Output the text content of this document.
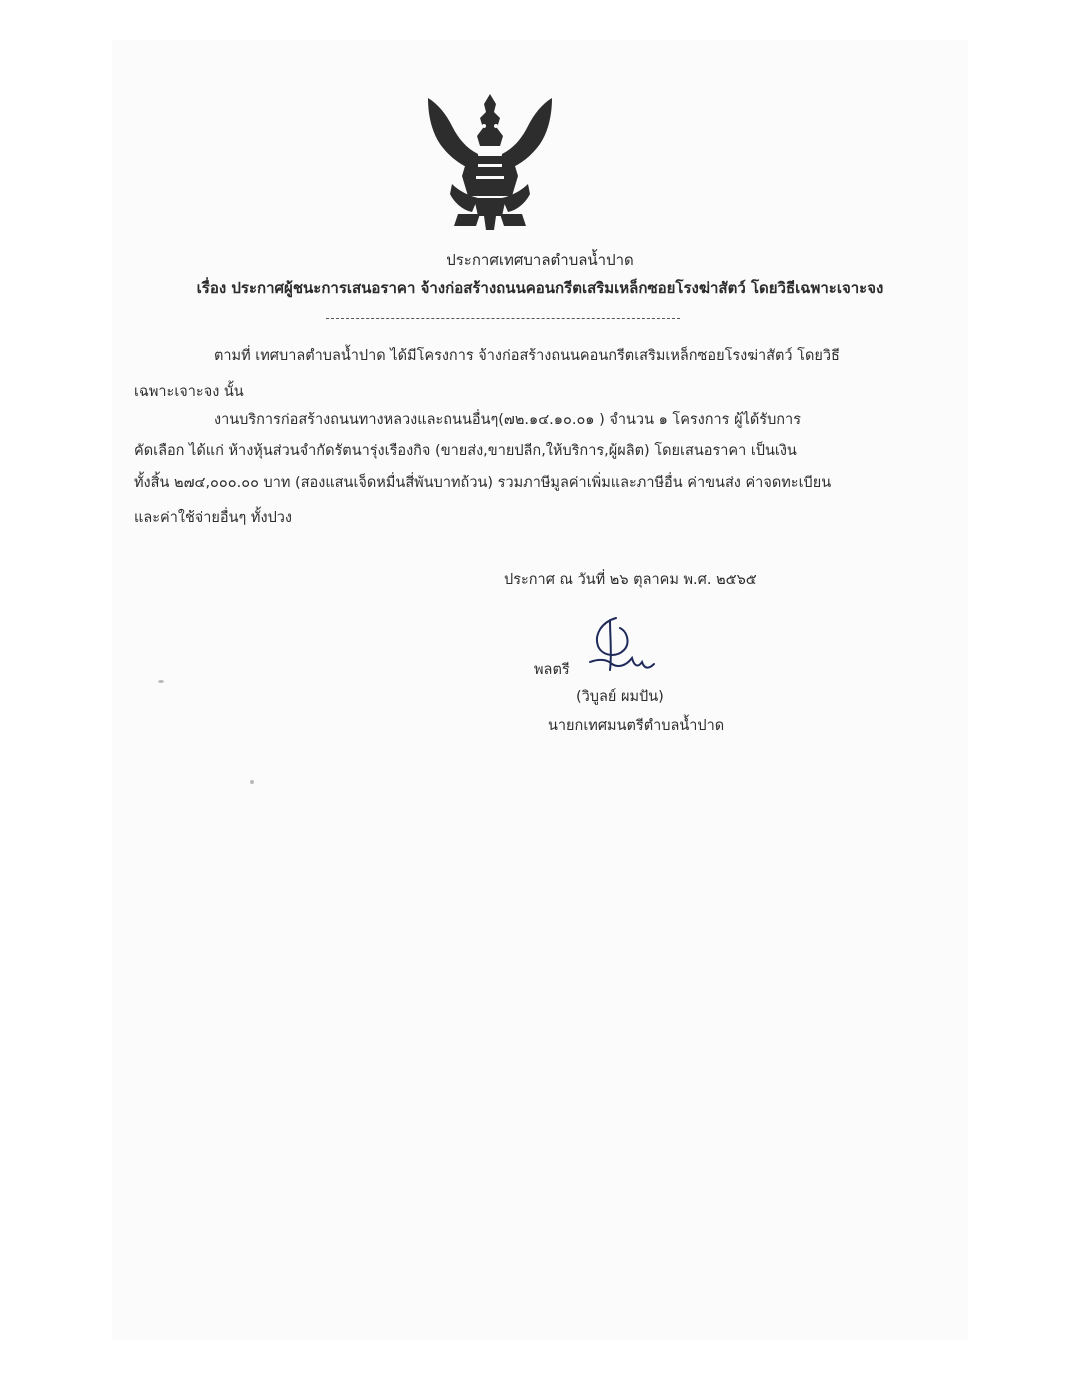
ประกาศเทศบาลตำบลน้ำปาด
เรื่อง ประกาศผู้ชนะการเสนอราคา จ้างก่อสร้างถนนคอนกรีตเสริมเหล็กซอยโรงฆ่าสัตว์ โดยวิธีเฉพาะเจาะจง
ตามที่ เทศบาลตำบลน้ำปาด ได้มีโครงการ จ้างก่อสร้างถนนคอนกรีตเสริมเหล็กซอยโรงฆ่าสัตว์ โดยวิธี
เฉพาะเจาะจง นั้น
งานบริการก่อสร้างถนนทางหลวงและถนนอื่นๆ(๗๒.๑๔.๑๐.๐๑ ) จำนวน ๑ โครงการ ผู้ได้รับการ
คัดเลือก ได้แก่ ห้างหุ้นส่วนจำกัดรัตนารุ่งเรืองกิจ (ขายส่ง,ขายปลีก,ให้บริการ,ผู้ผลิต) โดยเสนอราคา เป็นเงิน
ทั้งสิ้น ๒๗๔,๐๐๐.๐๐ บาท (สองแสนเจ็ดหมื่นสี่พันบาทถ้วน) รวมภาษีมูลค่าเพิ่มและภาษีอื่น ค่าขนส่ง ค่าจดทะเบียน
และค่าใช้จ่ายอื่นๆ ทั้งปวง
ประกาศ ณ วันที่ ๒๖ ตุลาคม พ.ศ. ๒๕๖๕
พลตรี
(วิบูลย์ ผมปัน)
นายกเทศมนตรีตำบลน้ำปาด
